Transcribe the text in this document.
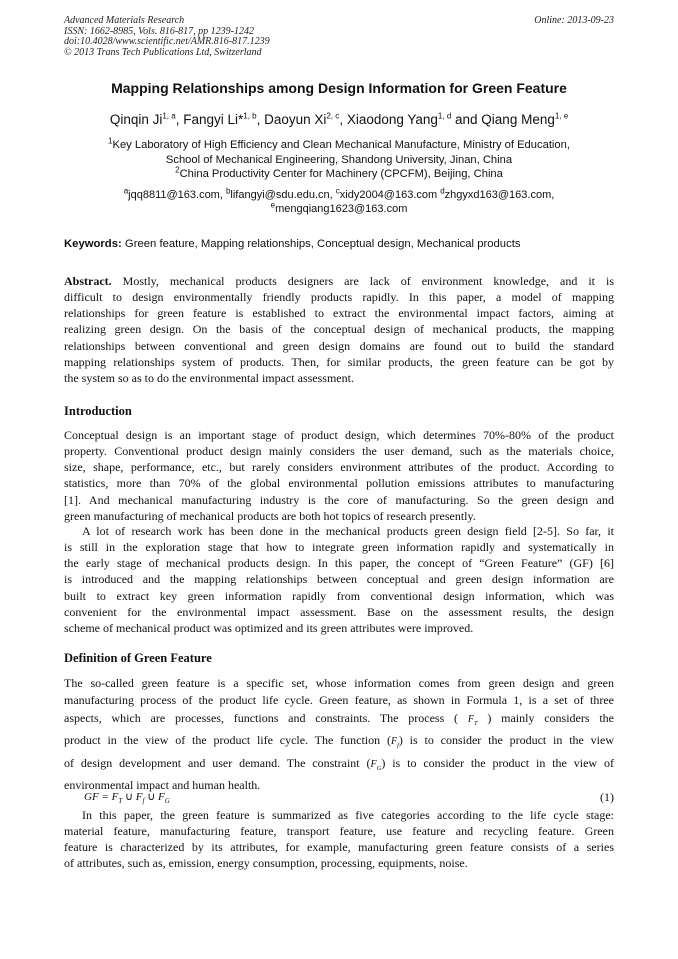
Advanced Materials Research
ISSN: 1662-8985, Vols. 816-817, pp 1239-1242
doi:10.4028/www.scientific.net/AMR.816-817.1239
© 2013 Trans Tech Publications Ltd, Switzerland
Online: 2013-09-23
Mapping Relationships among Design Information for Green Feature
Qinqin Ji$^{1, a}$, Fangyi Li*$^{1, b}$, Daoyun Xi$^{2, c}$, Xiaodong Yang$^{1, d}$ and Qiang Meng$^{1, e}$
$^1$Key Laboratory of High Efficiency and Clean Mechanical Manufacture, Ministry of Education,
School of Mechanical Engineering, Shandong University, Jinan, China
$^2$China Productivity Center for Machinery (CPCFM), Beijing, China
$^a$jqq8811@163.com, $^b$lifangyi@sdu.edu.cn, $^c$xidy2004@163.com $^d$zhgyxd163@163.com,
$^e$mengqiang1623@163.com
Keywords: Green feature, Mapping relationships, Conceptual design, Mechanical products
Abstract. Mostly, mechanical products designers are lack of environment knowledge, and it is
difficult to design environmentally friendly products rapidly. In this paper, a model of mapping
relationships for green feature is established to extract the environmental impact factors, aiming at
realizing green design. On the basis of the conceptual design of mechanical products, the mapping
relationships between conventional and green design domains are found out to build the standard
mapping relationships system of products. Then, for similar products, the green feature can be got by
the system so as to do the environmental impact assessment.
Introduction
Conceptual design is an important stage of product design, which determines 70%-80% of the product
property. Conventional product design mainly considers the user demand, such as the materials choice,
size, shape, performance, etc., but rarely considers environment attributes of the product. According to
statistics, more than 70% of the global environmental pollution emissions attributes to manufacturing
[1]. And mechanical manufacturing industry is the core of manufacturing. So the green design and
green manufacturing of mechanical products are both hot topics of research presently.
A lot of research work has been done in the mechanical products green design field [2-5]. So far, it
is still in the exploration stage that how to integrate green information rapidly and systematically in
the early stage of mechanical products design. In this paper, the concept of “Green Feature” (GF) [6]
is introduced and the mapping relationships between conceptual and green design information are
built to extract key green information rapidly from conventional design information, which was
convenient for the environmental impact assessment. Base on the assessment results, the design
scheme of mechanical product was optimized and its green attributes were improved.
Definition of Green Feature
The so-called green feature is a specific set, whose information comes from green design and green
manufacturing process of the product life cycle. Green feature, as shown in Formula 1, is a set of three
aspects, which are processes, functions and constraints. The process ( $F_T$ ) mainly considers the
product in the view of the product life cycle. The function $(F_f)$ is to consider the product in the view
of design development and user demand. The constraint $(F_G)$ is to consider the product in the view of
environmental impact and human health.
GF = $F_T$ ∪ $F_f$ ∪ $F_G$	(1)
In this paper, the green feature is summarized as five categories according to the life cycle stage:
material feature, manufacturing feature, transport feature, use feature and recycling feature. Green
feature is characterized by its attributes, for example, manufacturing green feature consists of a series
of attributes, such as, emission, energy consumption, processing, equipments, noise.
